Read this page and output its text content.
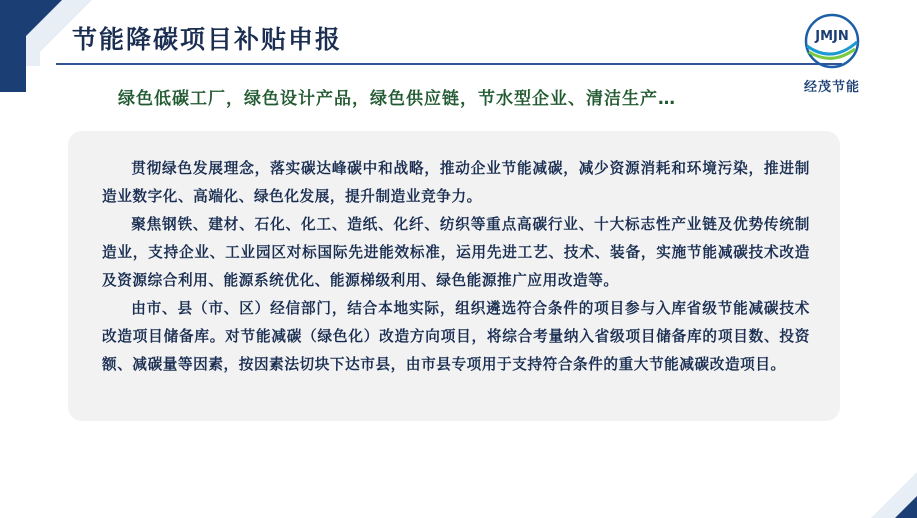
节能降碳项目补贴申报	JMJN
经茂节能
绿色低碳工厂，绿色设计产品，绿色供应链，节水型企业、清洁生产…

贯彻绿色发展理念，落实碳达峰碳中和战略，推动企业节能减碳，减少资源消耗和环境污染，推进制造业数字化、高端化、绿色化发展，提升制造业竞争力。

聚焦钢铁、建材、石化、化工、造纸、化纤、纺织等重点高碳行业、十大标志性产业链及优势传统制造业，支持企业、工业园区对标国际先进能效标准，运用先进工艺、技术、装备，实施节能减碳技术改造及资源综合利用、能源系统优化、能源梯级利用、绿色能源推广应用改造等。

由市、县（市、区）经信部门，结合本地实际，组织遴选符合条件的项目参与入库省级节能减碳技术改造项目储备库。对节能减碳（绿色化）改造方向项目，将综合考量纳入省级项目储备库的项目数、投资额、减碳量等因素，按因素法切块下达市县，由市县专项用于支持符合条件的重大节能减碳改造项目。
